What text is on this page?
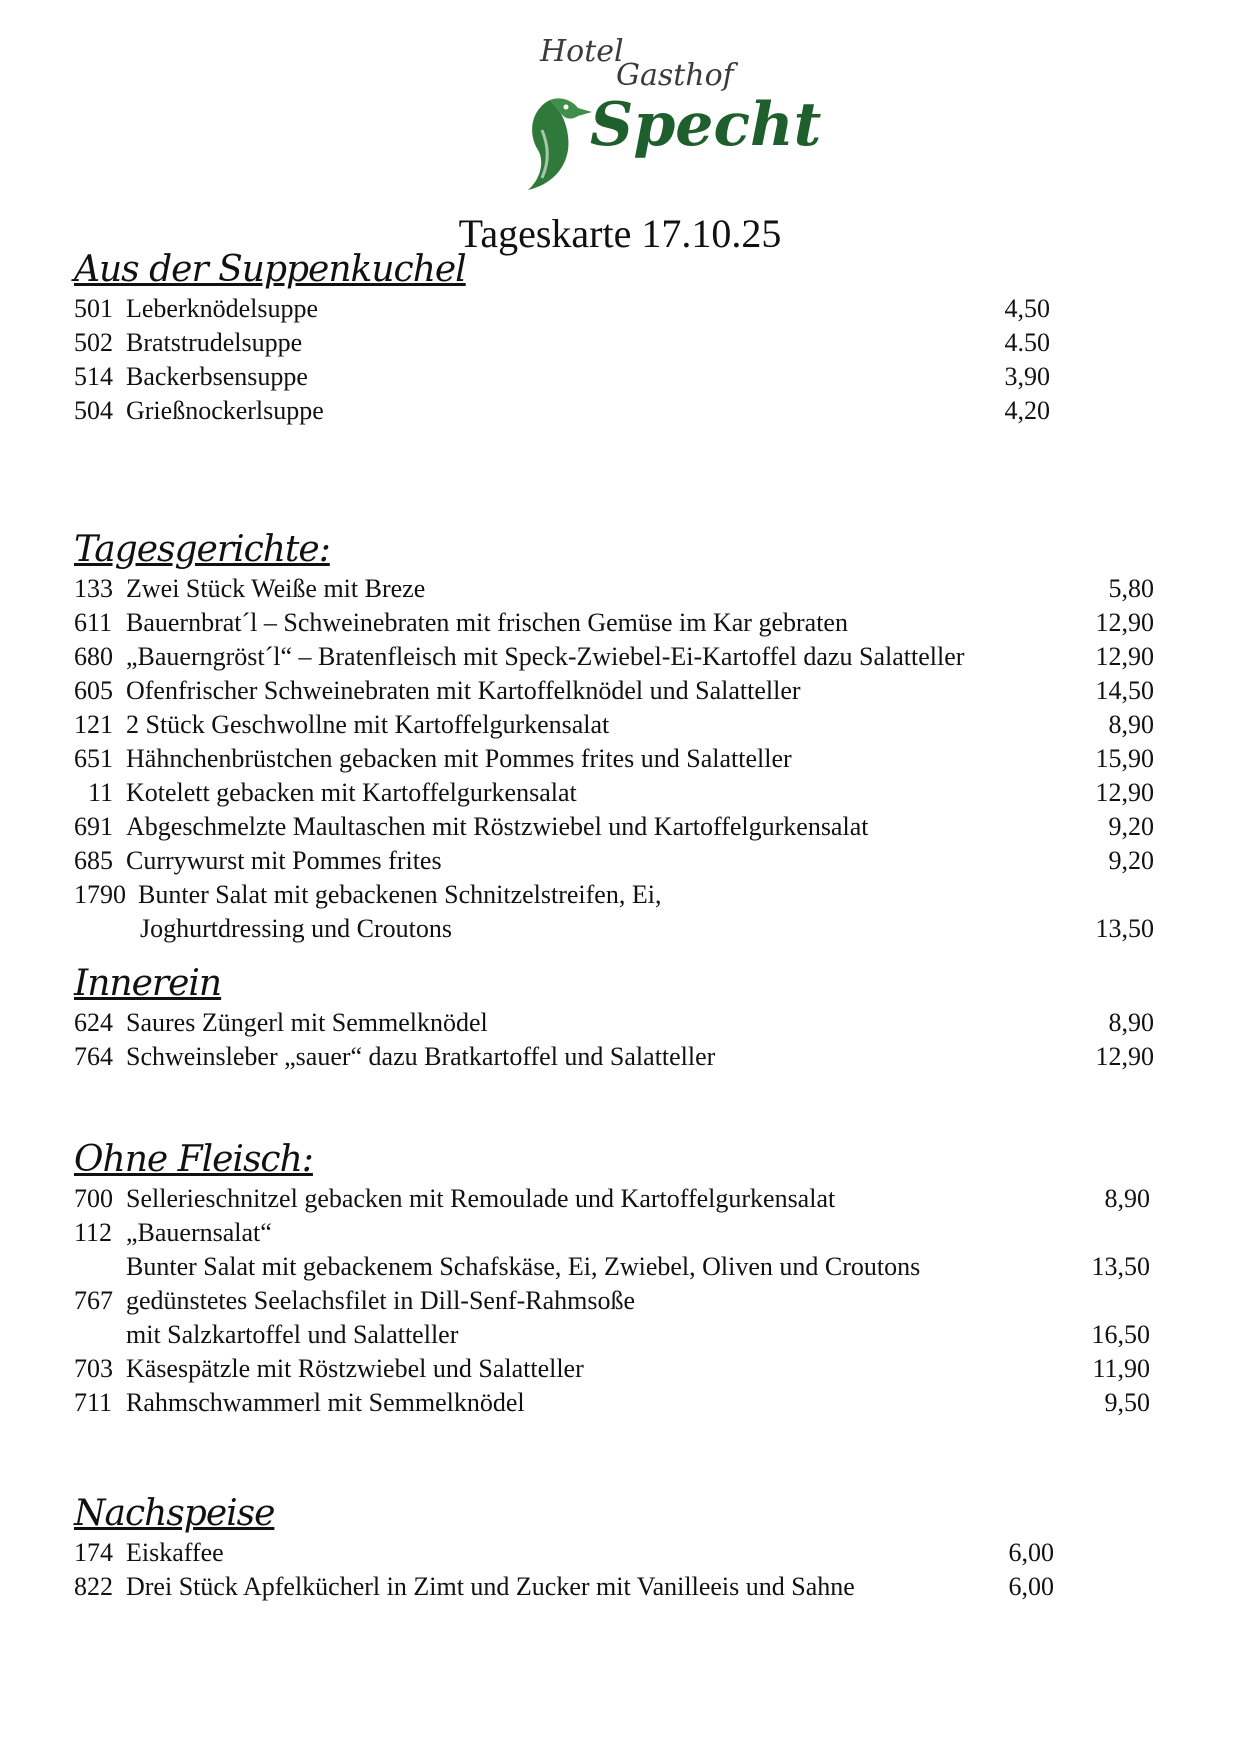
Hotel
Gasthof
Specht
Tageskarte 17.10.25
Aus der Suppenkuchel
501 Leberknödelsuppe	4,50
502 Bratstrudelsuppe	4.50
514 Backerbsensuppe	3,90
504 Grießnockerlsuppe	4,20
Tagesgerichte:
133 Zwei Stück Weiße mit Breze	5,80
611 Bauernbrat´l – Schweinebraten mit frischen Gemüse im Kar gebraten	12,90
680 „Bauerngröst´l“ – Bratenfleisch mit Speck-Zwiebel-Ei-Kartoffel dazu Salatteller	12,90
605 Ofenfrischer Schweinebraten mit Kartoffelknödel und Salatteller	14,50
121 2 Stück Geschwollne mit Kartoffelgurkensalat	8,90
651 Hähnchenbrüstchen gebacken mit Pommes frites und Salatteller	15,90
11 Kotelett gebacken mit Kartoffelgurkensalat	12,90
691 Abgeschmelzte Maultaschen mit Röstzwiebel und Kartoffelgurkensalat	9,20
685 Currywurst mit Pommes frites	9,20
1790 Bunter Salat mit gebackenen Schnitzelstreifen, Ei,
Joghurtdressing und Croutons	13,50
Innerein
624 Saures Züngerl mit Semmelknödel	8,90
764 Schweinsleber „sauer“ dazu Bratkartoffel und Salatteller	12,90
Ohne Fleisch:
700 Sellerieschnitzel gebacken mit Remoulade und Kartoffelgurkensalat	8,90
112 „Bauernsalat“
Bunter Salat mit gebackenem Schafskäse, Ei, Zwiebel, Oliven und Croutons	13,50
767 gedünstetes Seelachsfilet in Dill-Senf-Rahmsoße
mit Salzkartoffel und Salatteller	16,50
703 Käsespätzle mit Röstzwiebel und Salatteller	11,90
711 Rahmschwammerl mit Semmelknödel	9,50
Nachspeise
174 Eiskaffee	6,00
822 Drei Stück Apfelkücherl in Zimt und Zucker mit Vanilleeis und Sahne	6,00
